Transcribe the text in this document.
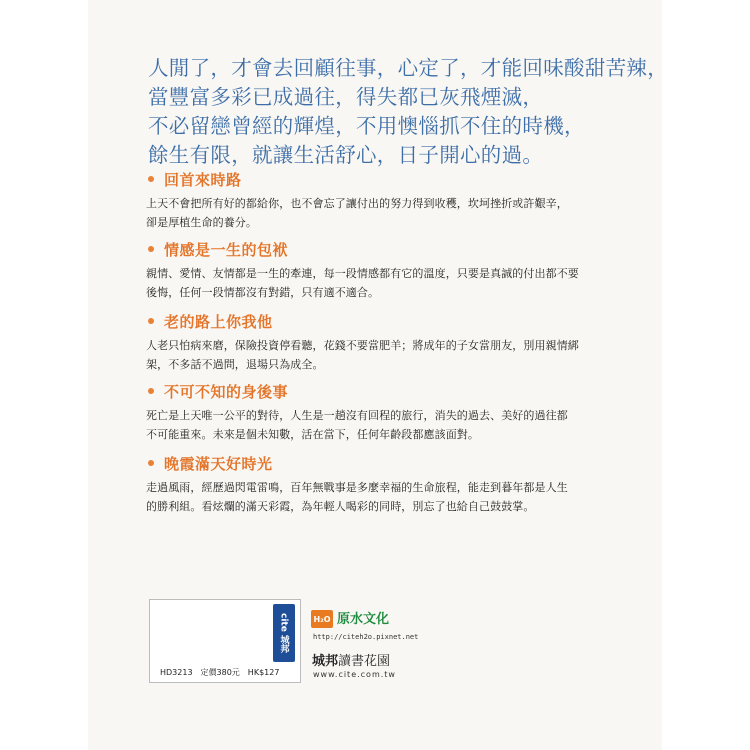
人閒了，才會去回顧往事，心定了，才能回味酸甜苦辣，
當豐富多彩已成過往，得失都已灰飛煙滅，
不必留戀曾經的輝煌，不用懊惱抓不住的時機，
餘生有限，就讓生活舒心，日子開心的過。
回首來時路
上天不會把所有好的都給你，也不會忘了讓付出的努力得到收穫，坎坷挫折或許艱辛，
卻是厚植生命的養分。
情感是一生的包袱
親情、愛情、友情都是一生的牽連，每一段情感都有它的溫度，只要是真誠的付出都不要
後悔，任何一段情都沒有對錯，只有適不適合。
老的路上你我他
人老只怕病來磨，保險投資停看聽，花錢不要當肥羊；將成年的子女當朋友，別用親情綁
架，不多話不過問，退場只為成全。
不可不知的身後事
死亡是上天唯一公平的對待，人生是一趟沒有回程的旅行，消失的過去、美好的過往都
不可能重來。未來是個未知數，活在當下，任何年齡段都應該面對。
晚霞滿天好時光
走過風雨，經歷過閃電雷鳴，百年無戰事是多麼幸福的生命旅程，能走到暮年都是人生
的勝利組。看炫爛的滿天彩霞，為年輕人喝彩的同時，別忘了也給自己鼓鼓掌。
HD3213　定價380元　HK$127
cite 城邦	H₂O 原水文化
http://citeh2o.pixnet.net
城邦讀書花園
www.cite.com.tw
